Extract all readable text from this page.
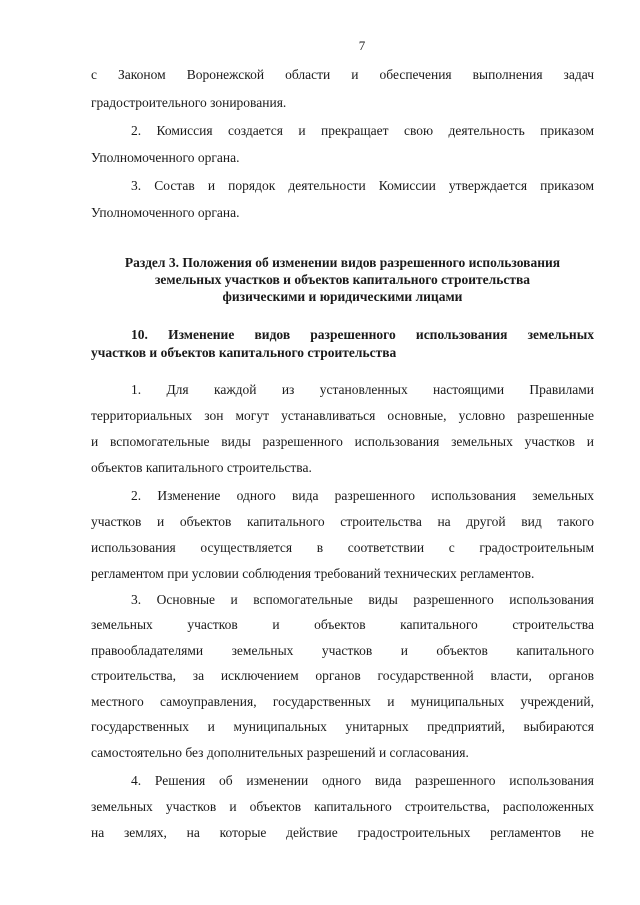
7
с Законом Воронежской области и обеспечения выполнения задач
градостроительного зонирования.
2. Комиссия создается и прекращает свою деятельность приказом
Уполномоченного органа.
3. Состав и порядок деятельности Комиссии утверждается приказом
Уполномоченного органа.
Раздел 3. Положения об изменении видов разрешенного использования
земельных участков и объектов капитального строительства
физическими и юридическими лицами
10. Изменение видов разрешенного использования земельных
участков и объектов капитального строительства
1. Для каждой из установленных настоящими Правилами
территориальных зон могут устанавливаться основные, условно разрешенные
и вспомогательные виды разрешенного использования земельных участков и
объектов капитального строительства.
2. Изменение одного вида разрешенного использования земельных
участков и объектов капитального строительства на другой вид такого
использования осуществляется в соответствии с градостроительным
регламентом при условии соблюдения требований технических регламентов.
3. Основные и вспомогательные виды разрешенного использования
земельных участков и объектов капитального строительства
правообладателями земельных участков и объектов капитального
строительства, за исключением органов государственной власти, органов
местного самоуправления, государственных и муниципальных учреждений,
государственных и муниципальных унитарных предприятий, выбираются
самостоятельно без дополнительных разрешений и согласования.
4. Решения об изменении одного вида разрешенного использования
земельных участков и объектов капитального строительства, расположенных
на землях, на которые действие градостроительных регламентов не
